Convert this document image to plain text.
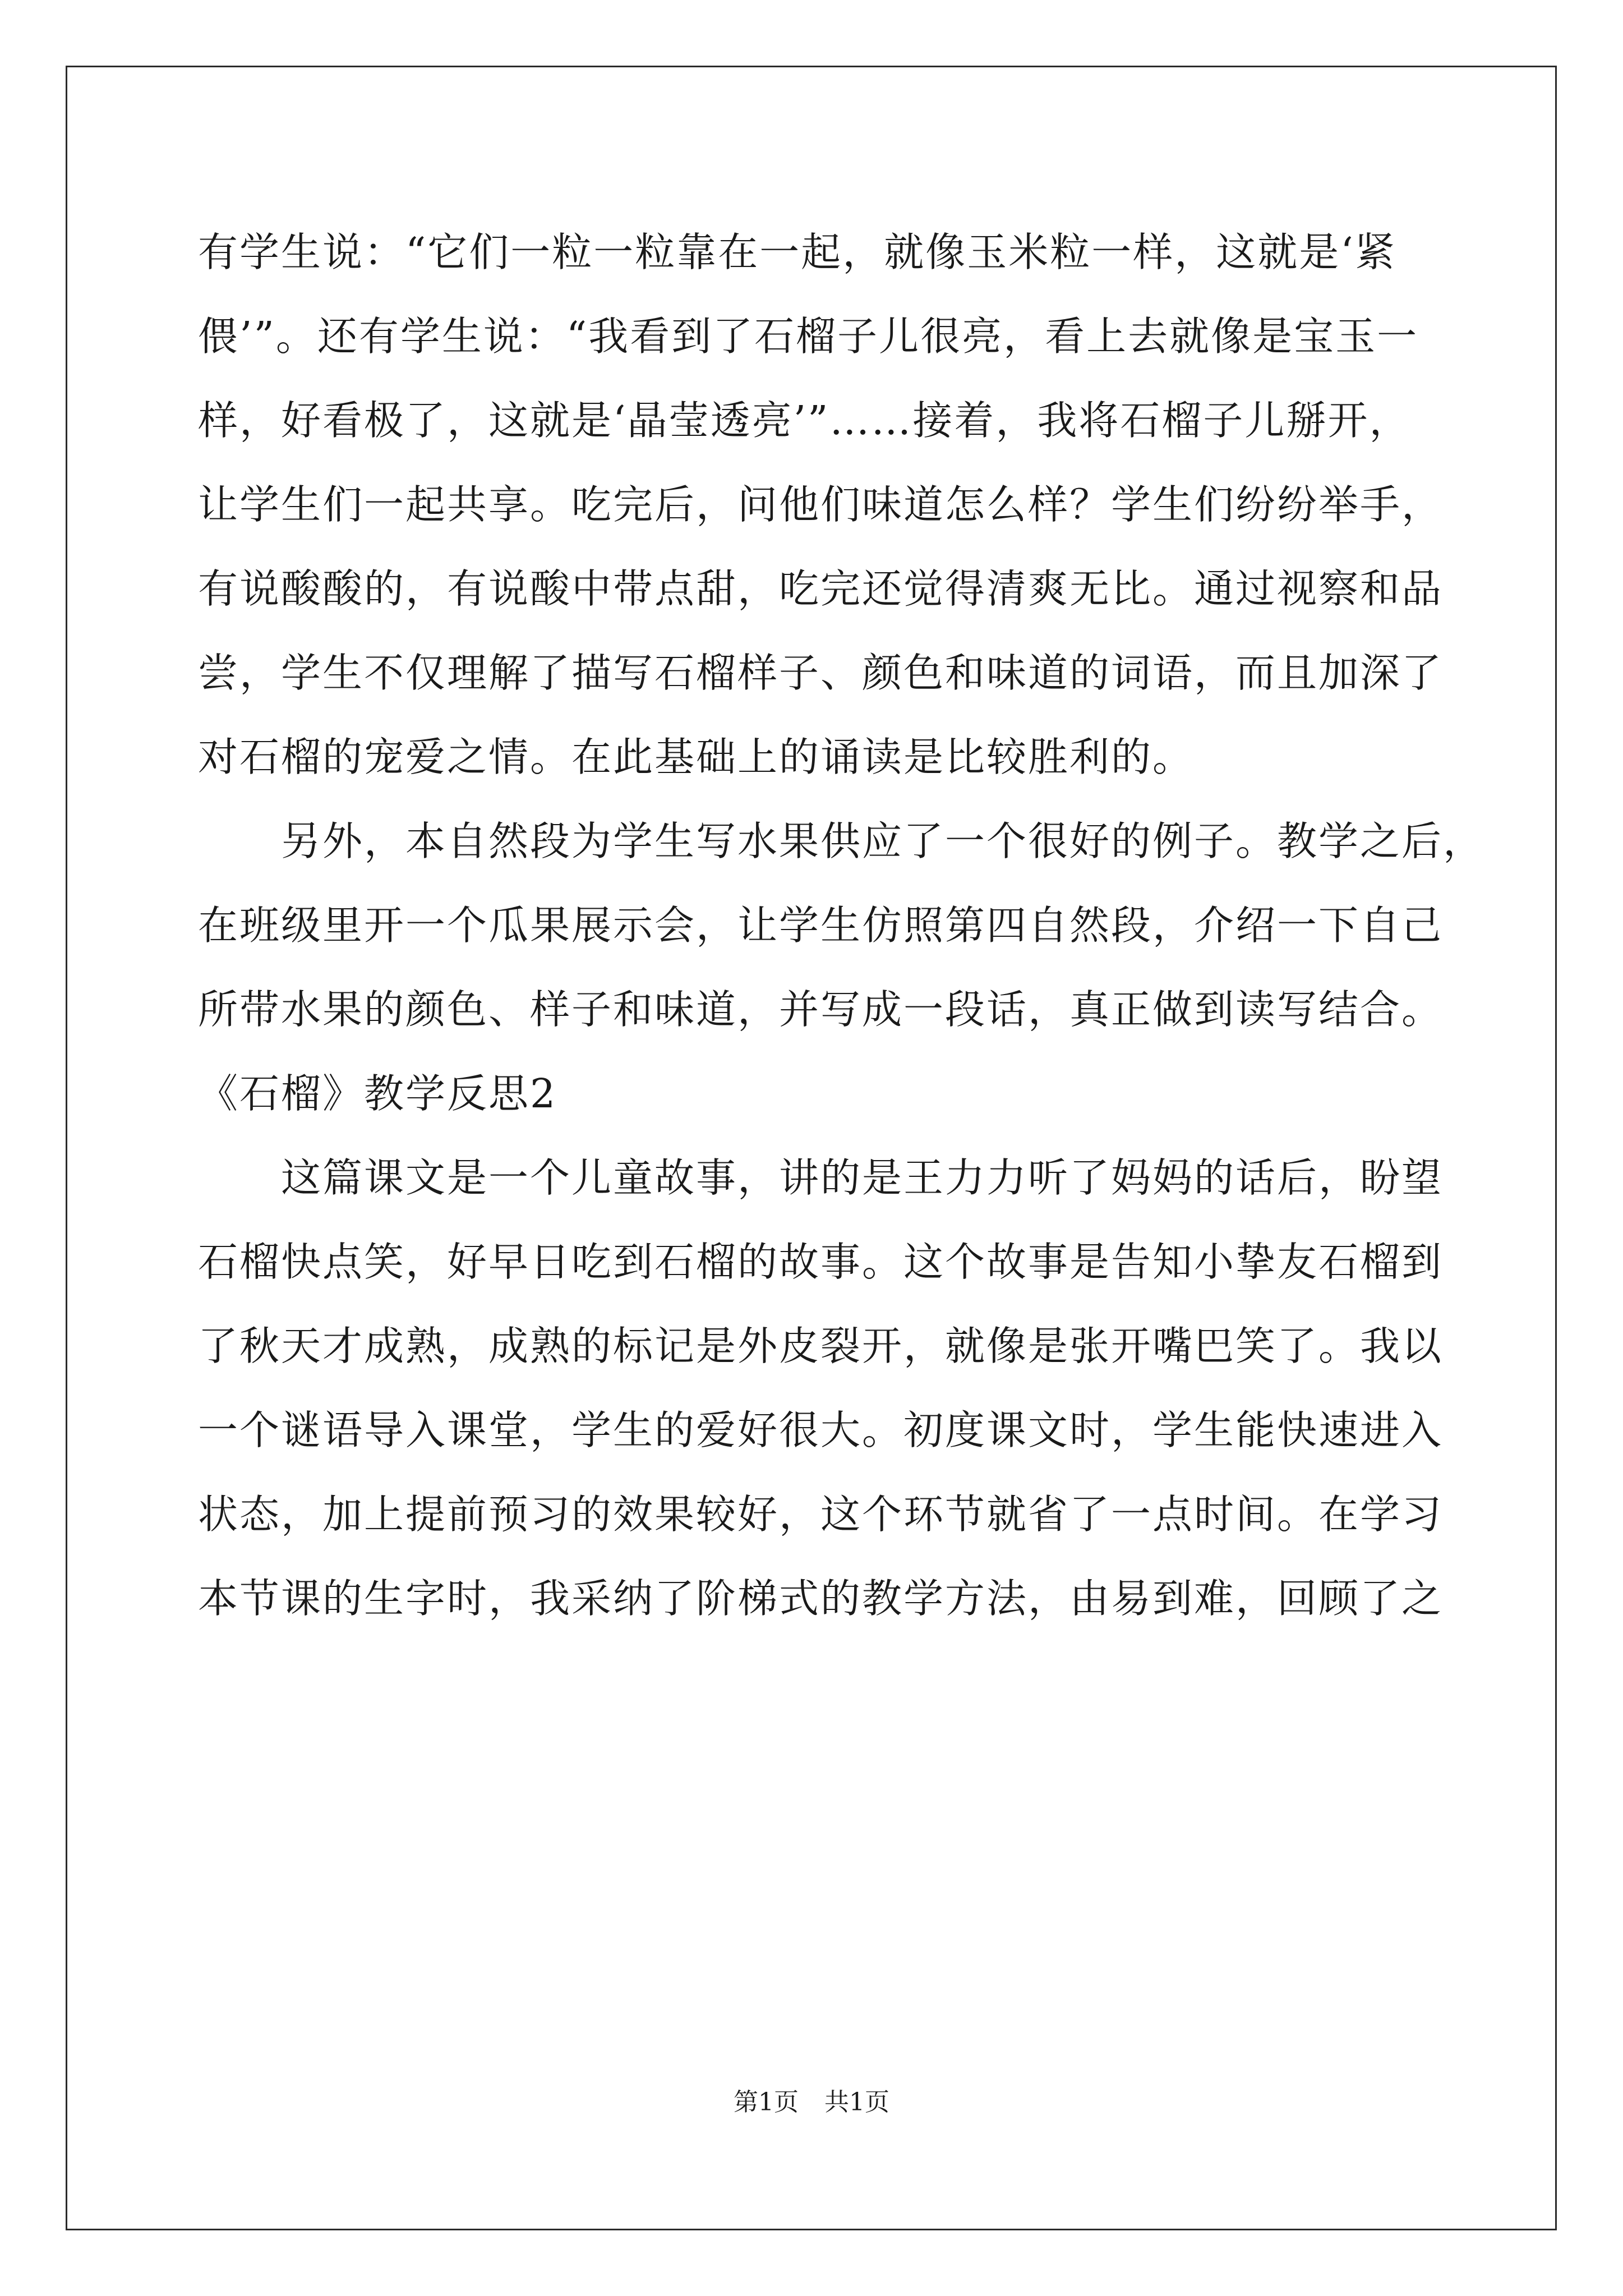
有学生说：“它们一粒一粒靠在一起，就像玉米粒一样，这就是‘紧
偎’”。还有学生说：“我看到了石榴子儿很亮，看上去就像是宝玉一
样，好看极了，这就是‘晶莹透亮’”……接着，我将石榴子儿掰开，
让学生们一起共享。吃完后，问他们味道怎么样？学生们纷纷举手，
有说酸酸的，有说酸中带点甜，吃完还觉得清爽无比。通过视察和品
尝，学生不仅理解了描写石榴样子、颜色和味道的词语，而且加深了
对石榴的宠爱之情。在此基础上的诵读是比较胜利的。
另外，本自然段为学生写水果供应了一个很好的例子。教学之后，
在班级里开一个瓜果展示会，让学生仿照第四自然段，介绍一下自己
所带水果的颜色、样子和味道，并写成一段话，真正做到读写结合。
《石榴》教学反思2
这篇课文是一个儿童故事，讲的是王力力听了妈妈的话后，盼望
石榴快点笑，好早日吃到石榴的故事。这个故事是告知小挚友石榴到
了秋天才成熟，成熟的标记是外皮裂开，就像是张开嘴巴笑了。我以
一个谜语导入课堂，学生的爱好很大。初度课文时，学生能快速进入
状态，加上提前预习的效果较好，这个环节就省了一点时间。在学习
本节课的生字时，我采纳了阶梯式的教学方法，由易到难，回顾了之
第1页 共1页
